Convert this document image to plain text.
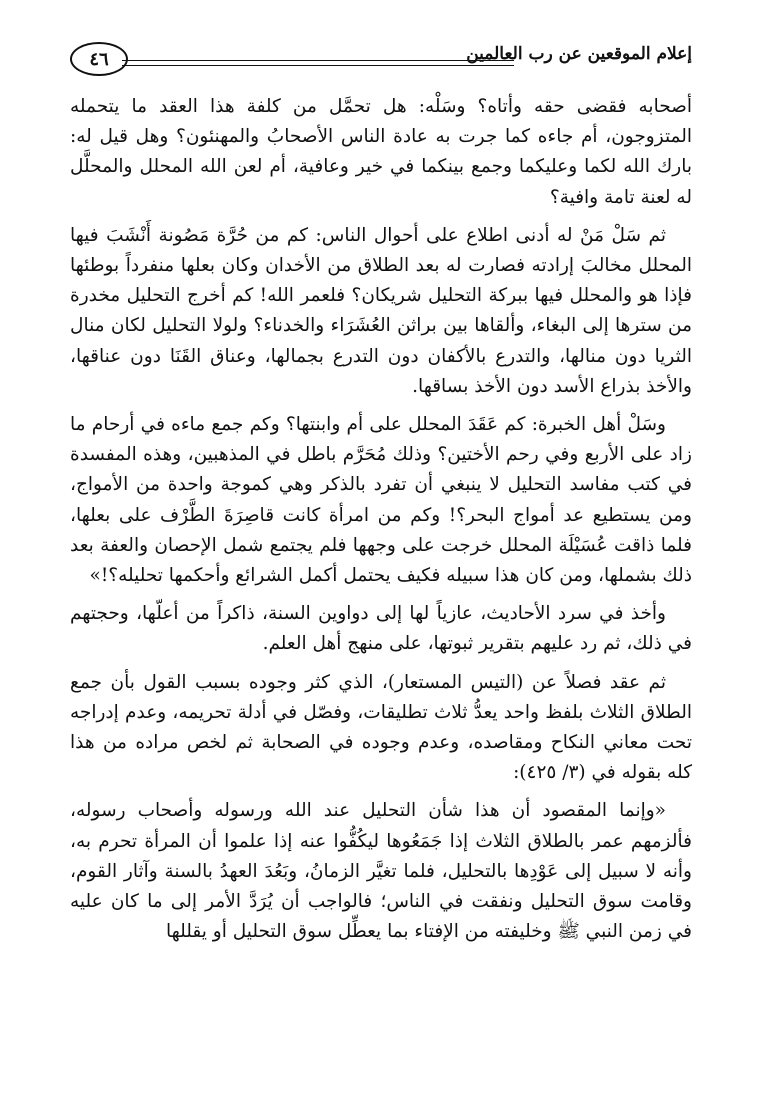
٤٦	إعلام الموقعين عن رب العالمين

أصحابه فقضى حقه وأتاه؟ وسَلْه: هل تحمَّل من كلفة هذا العقد ما يتحمله المتزوجون، أم جاءه كما جرت به عادة الناس الأصحابُ والمهنئون؟ وهل قيل له: بارك الله لكما وعليكما وجمع بينكما في خير وعافية، أم لعن الله المحلل والمحلَّل له لعنة تامة وافية؟

ثم سَلْ مَنْ له أدنى اطلاع على أحوال الناس: كم من حُرَّة مَصُونة أَنْشَبَ فيها المحلل مخالبَ إرادته فصارت له بعد الطلاق من الأخدان وكان بعلها منفرداً بوطئها فإذا هو والمحلل فيها ببركة التحليل شريكان؟ فلعمر الله! كم أخرج التحليل مخدرة من سترها إلى البغاء، وألقاها بين براثن العُشَرَاء والخدناء؟ ولولا التحليل لكان منال الثريا دون منالها، والتدرع بالأكفان دون التدرع بجمالها، وعناق القَنَا دون عناقها، والأخذ بذراع الأسد دون الأخذ بساقها.

وسَلْ أهل الخبرة: كم عَقَدَ المحلل على أم وابنتها؟ وكم جمع ماءه في أرحام ما زاد على الأربع وفي رحم الأختين؟ وذلك مُحَرَّم باطل في المذهبين، وهذه المفسدة في كتب مفاسد التحليل لا ينبغي أن تفرد بالذكر وهي كموجة واحدة من الأمواج، ومن يستطيع عد أمواج البحر؟! وكم من امرأة كانت قاصِرَةَ الطَّرْف على بعلها، فلما ذاقت عُسَيْلَة المحلل خرجت على وجهها فلم يجتمع شمل الإحصان والعفة بعد ذلك بشملها، ومن كان هذا سبيله فكيف يحتمل أكمل الشرائع وأحكمها تحليله؟!»

وأخذ في سرد الأحاديث، عازياً لها إلى دواوين السنة، ذاكراً من أعلّها، وحجتهم في ذلك، ثم رد عليهم بتقرير ثبوتها، على منهج أهل العلم.

ثم عقد فصلاً عن (التيس المستعار)، الذي كثر وجوده بسبب القول بأن جمع الطلاق الثلاث بلفظ واحد يعدُّ ثلاث تطليقات، وفصّل في أدلة تحريمه، وعدم إدراجه تحت معاني النكاح ومقاصده، وعدم وجوده في الصحابة ثم لخص مراده من هذا كله بقوله في (٣/ ٤٢٥):

«وإنما المقصود أن هذا شأن التحليل عند الله ورسوله وأصحاب رسوله، فألزمهم عمر بالطلاق الثلاث إذا جَمَعُوها ليكُفُّوا عنه إذا علموا أن المرأة تحرم به، وأنه لا سبيل إلى عَوْدِها بالتحليل، فلما تغيَّر الزمانُ، وبَعُدَ العهدُ بالسنة وآثار القوم، وقامت سوق التحليل ونفقت في الناس؛ فالواجب أن يُرَدَّ الأمر إلى ما كان عليه في زمن النبي ﷺ وخليفته من الإفتاء بما يعطِّل سوق التحليل أو يقللها
